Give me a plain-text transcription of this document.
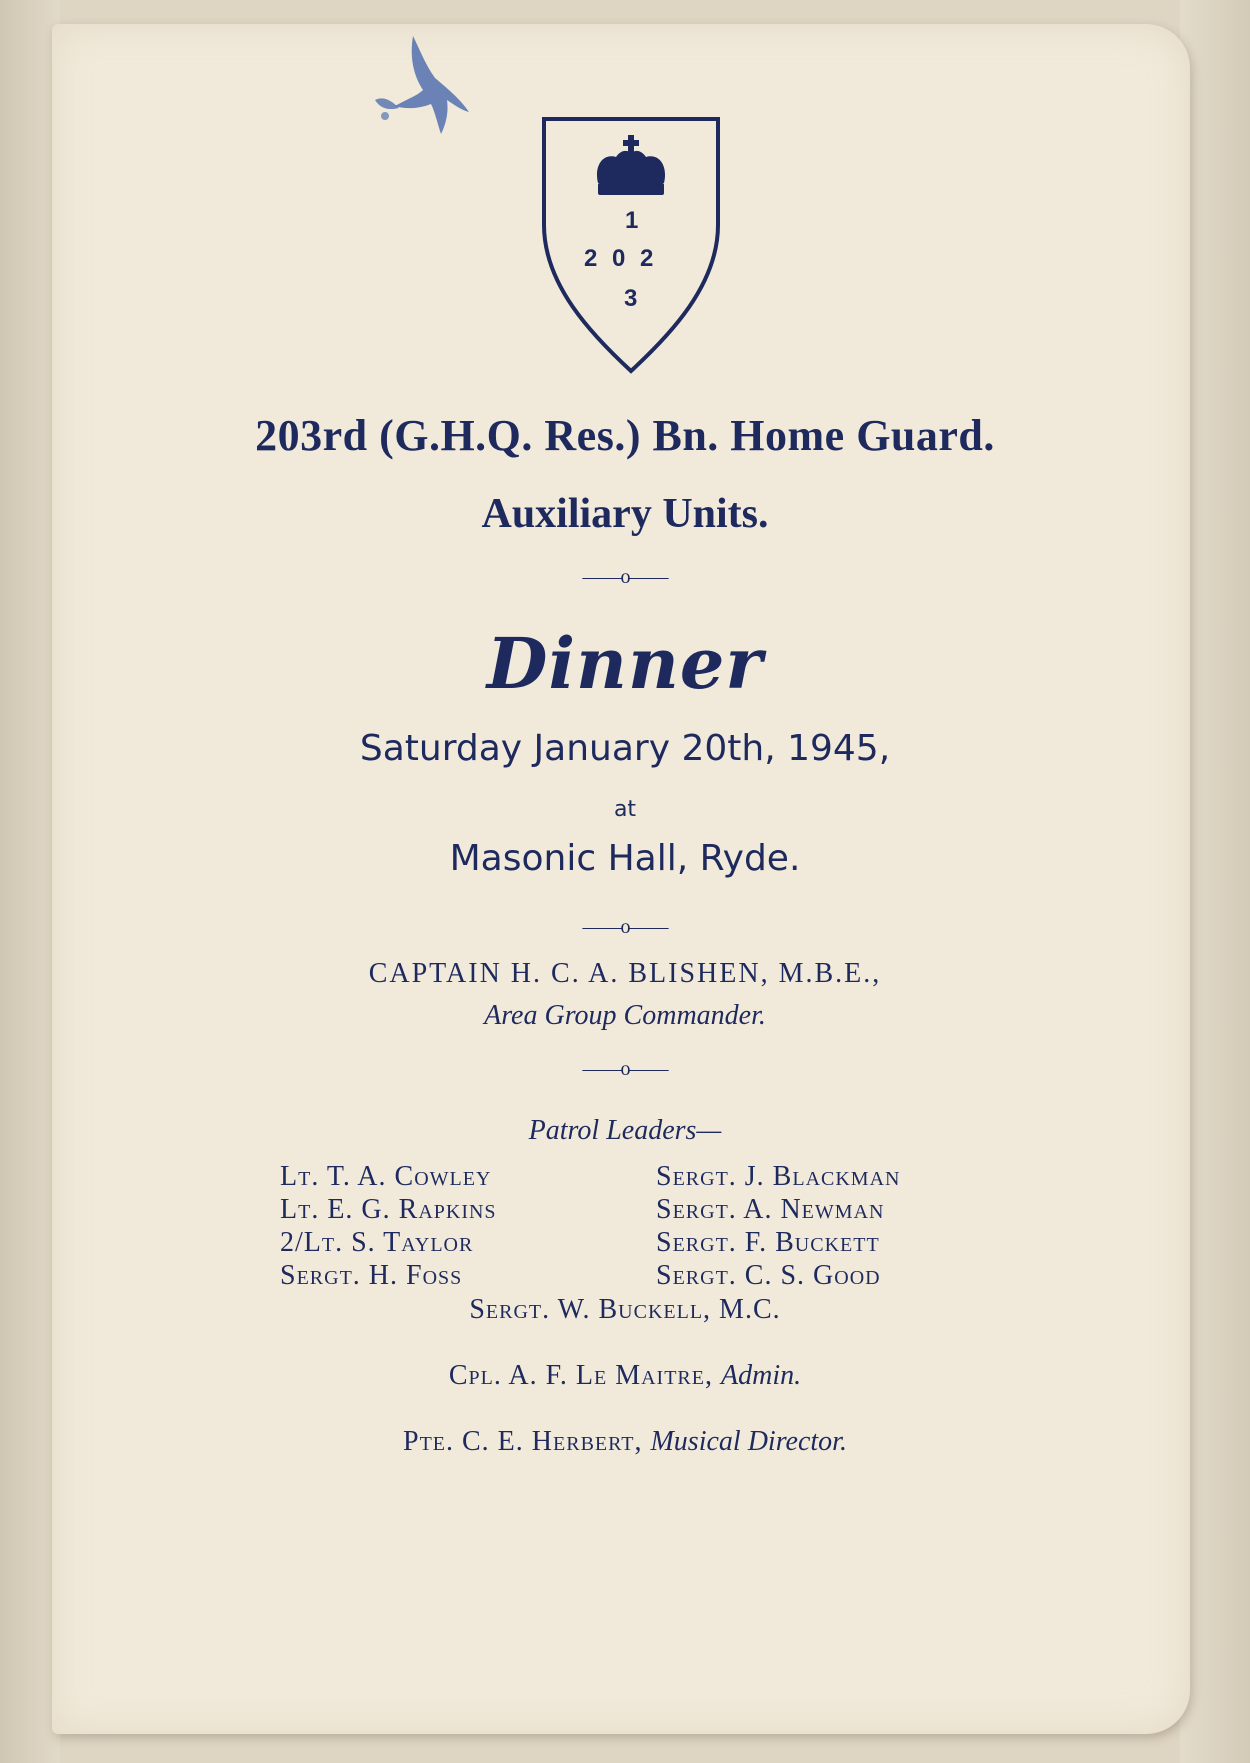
1
2 0 2
3
203rd (G.H.Q. Res.) Bn. Home Guard.
Auxiliary Units.
——o——
Dinner
Saturday January 20th, 1945,
at
Masonic Hall, Ryde.
——o——
CAPTAIN H. C. A. BLISHEN, M.B.E.,
Area Group Commander.
——o——
Patrol Leaders—
Lt. T. A. Cowley
Lt. E. G. Rapkins
2/Lt. S. Taylor
Sergt. H. Foss
Sergt. J. Blackman
Sergt. A. Newman
Sergt. F. Buckett
Sergt. C. S. Good
Sergt. W. Buckell, M.C.
Cpl. A. F. Le Maitre, Admin.
Pte. C. E. Herbert, Musical Director.
